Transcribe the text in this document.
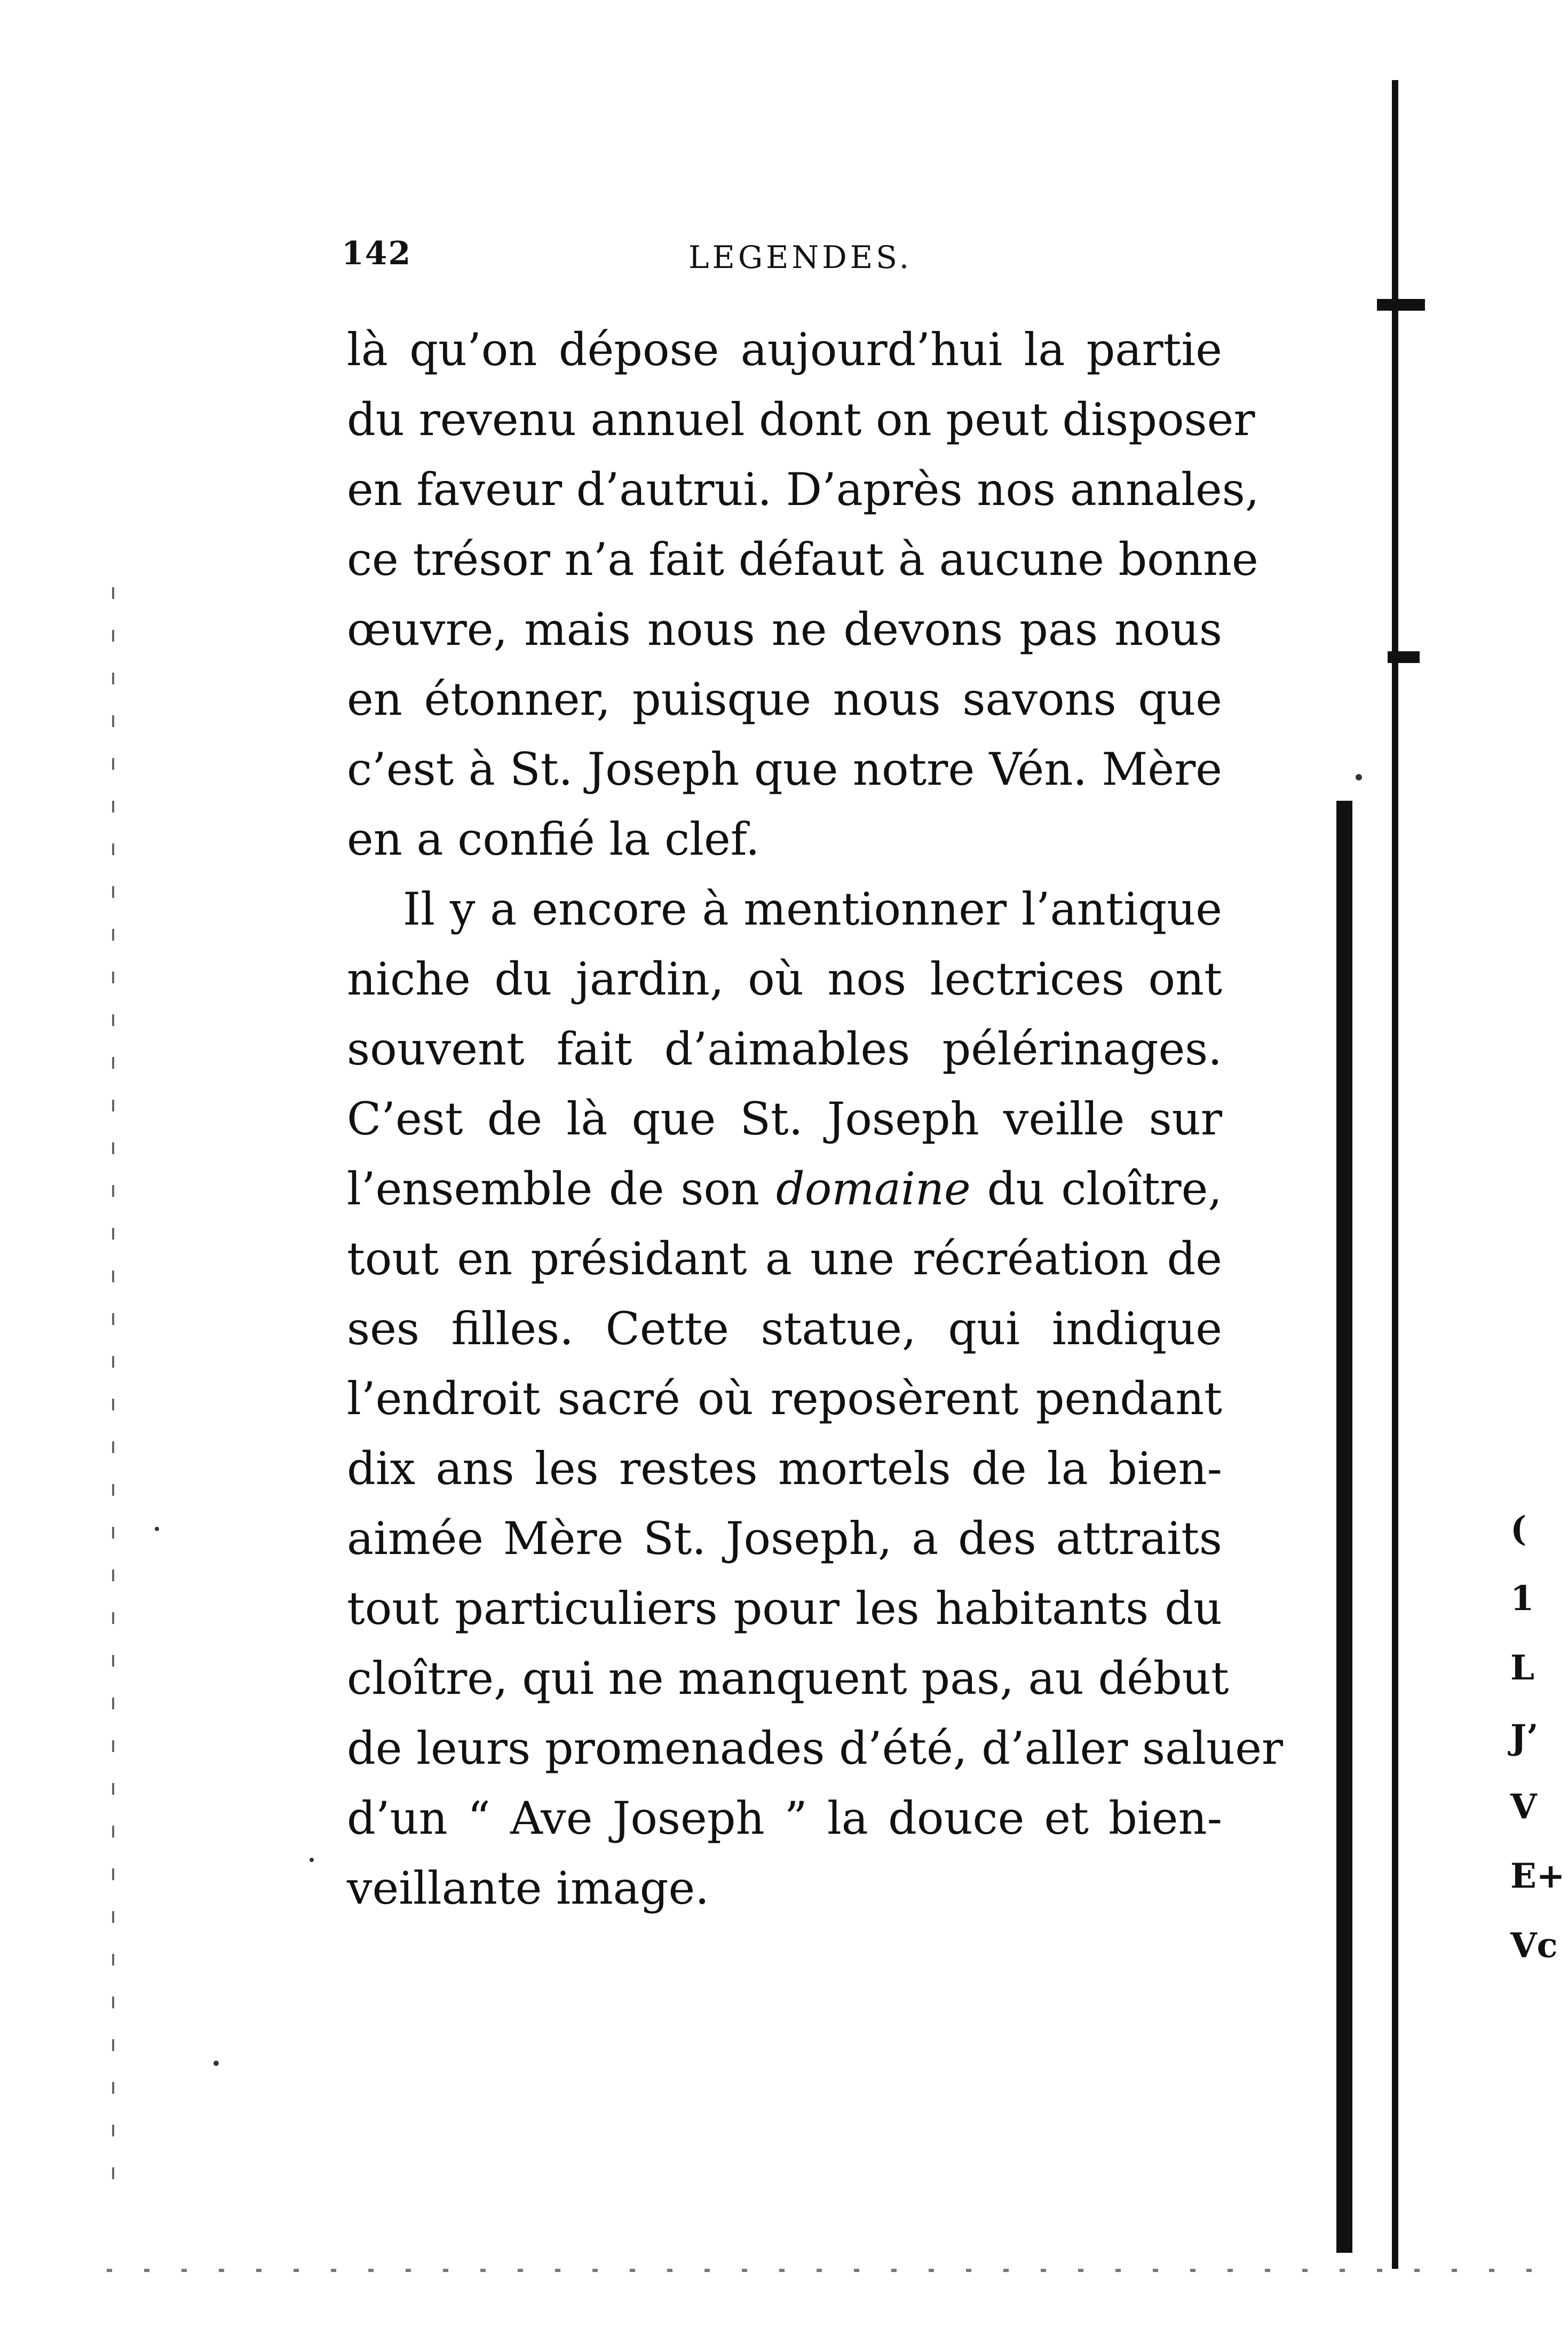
142	LEGENDES.
là qu’on dépose aujourd’hui la partie
du revenu annuel dont on peut disposer
en faveur d’autrui. D’après nos annales,
ce trésor n’a fait défaut à aucune bonne
œuvre, mais nous ne devons pas nous
en étonner, puisque nous savons que
c’est à St. Joseph que notre Vén. Mère
en a confié la clef.
Il y a encore à mentionner l’antique
niche du jardin, où nos lectrices ont
souvent fait d’aimables pélérinages.
C’est de là que St. Joseph veille sur
l’ensemble de son domaine du cloître,
tout en présidant a une récréation de
ses filles. Cette statue, qui indique
l’endroit sacré où reposèrent pendant
dix ans les restes mortels de la bien-
aimée Mère St. Joseph, a des attraits
tout particuliers pour les habitants du
cloître, qui ne manquent pas, au début
de leurs promenades d’été, d’aller saluer
d’un “ Ave Joseph ” la douce et bien-
veillante image.
(
1
L
J’
V
E+
Vc
